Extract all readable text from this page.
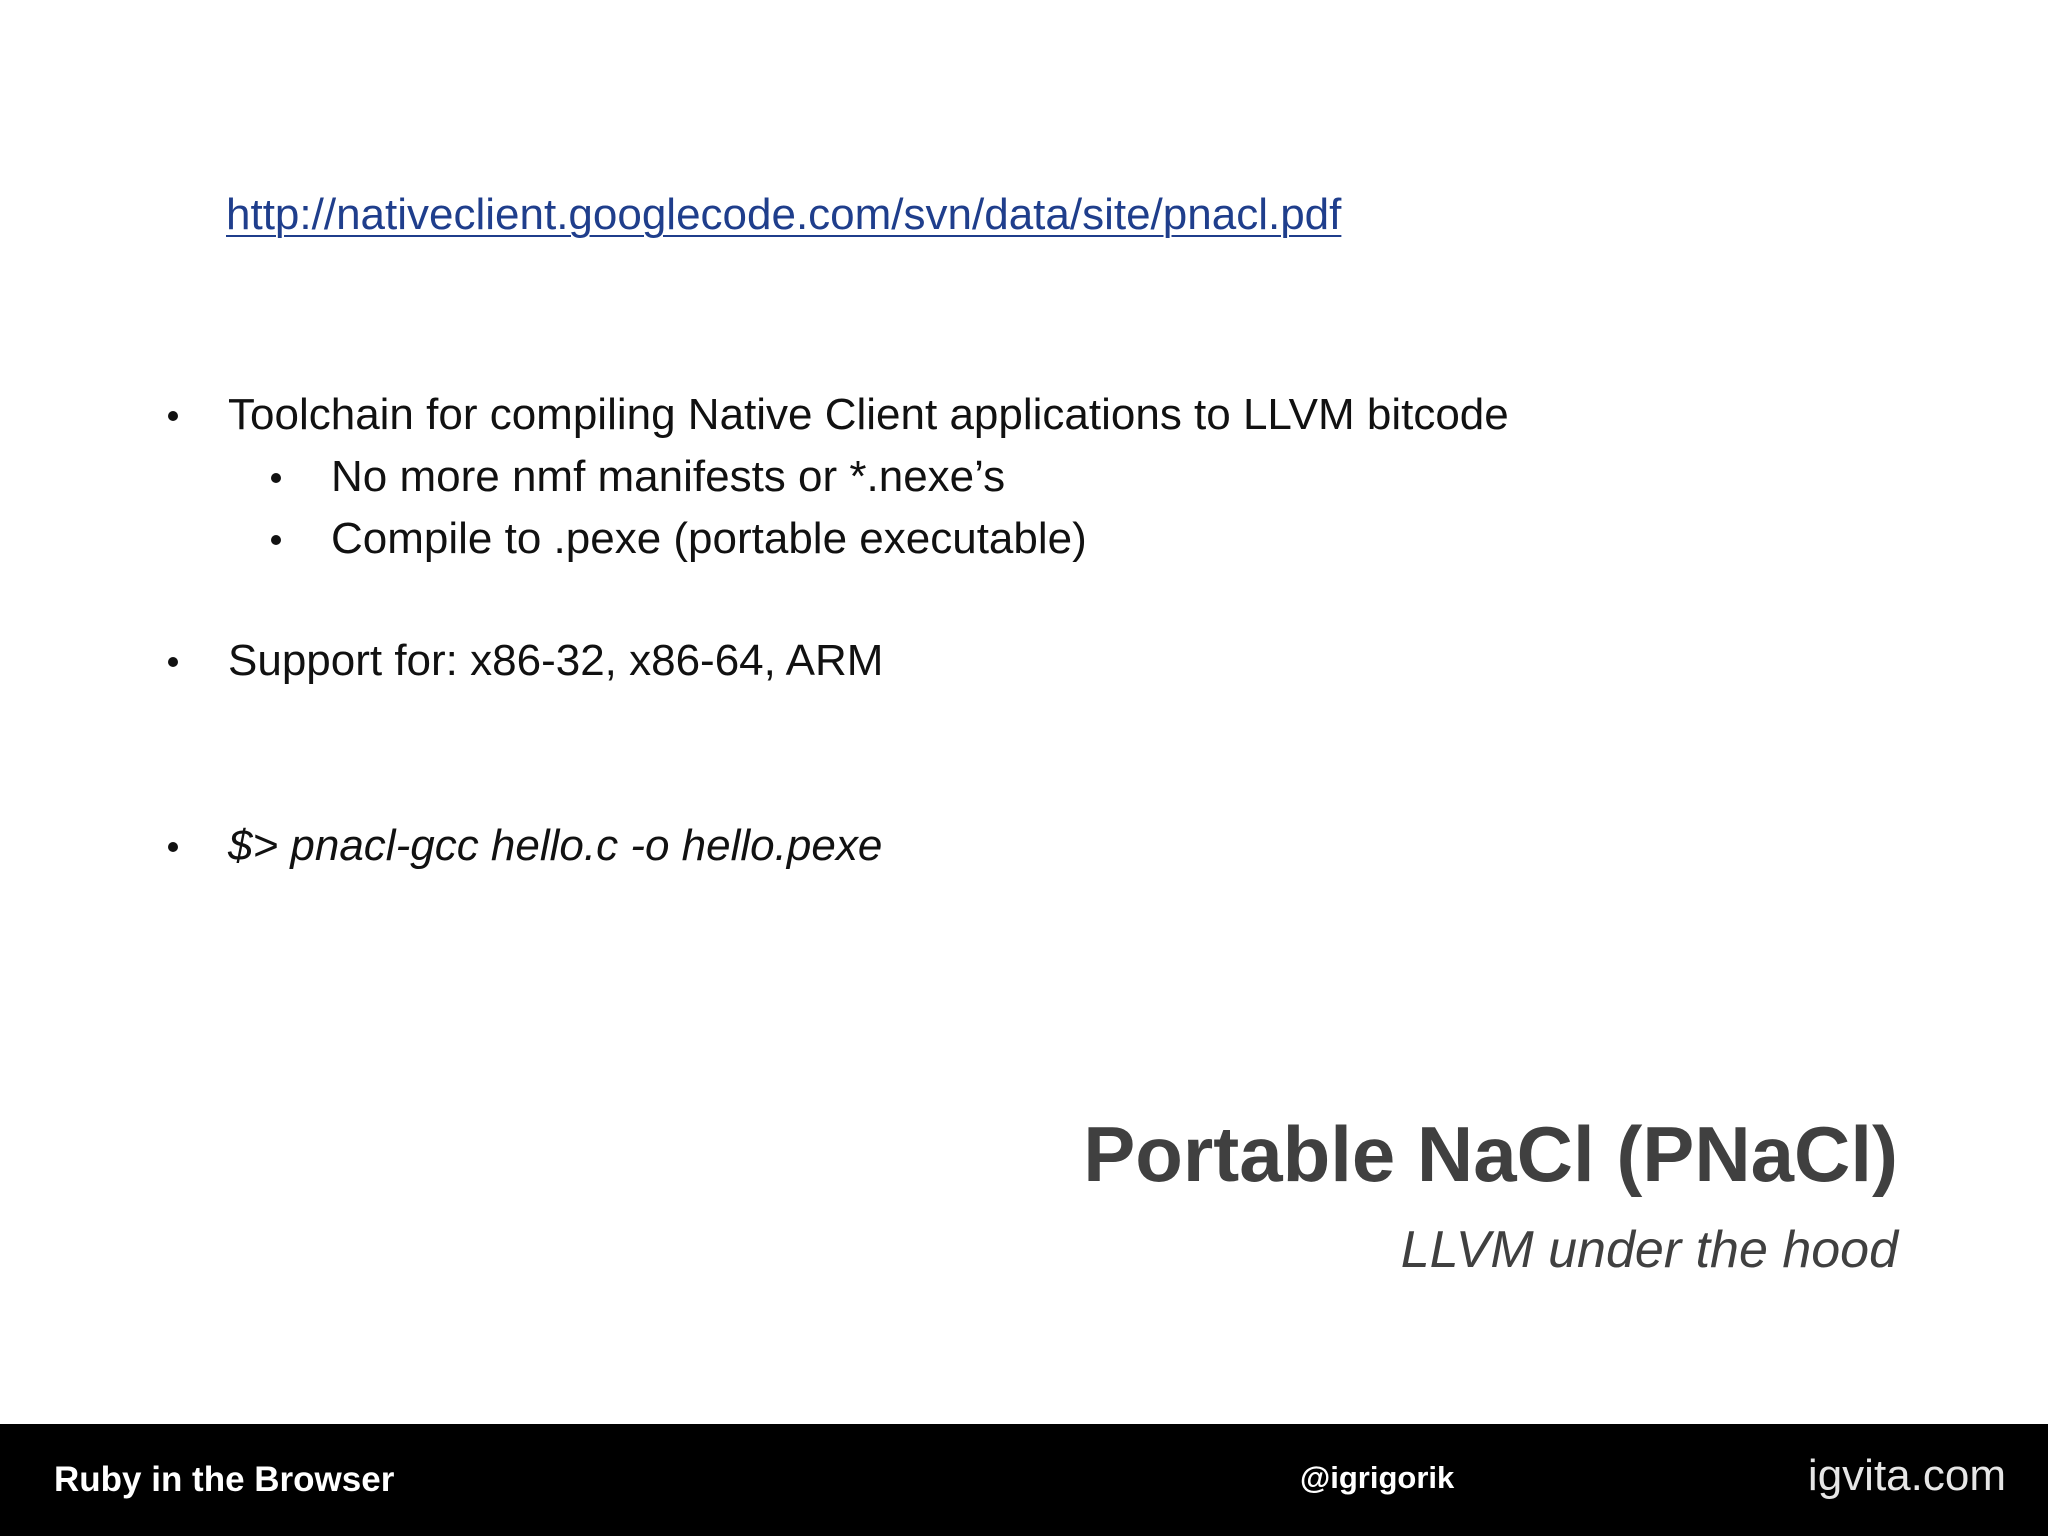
http://nativeclient.googlecode.com/svn/data/site/pnacl.pdf
Toolchain for compiling Native Client applications to LLVM bitcode
No more nmf manifests or *.nexe’s
Compile to .pexe (portable executable)
Support for: x86-32, x86-64, ARM
$> pnacl-gcc hello.c -o hello.pexe
Portable NaCl (PNaCl)
LLVM under the hood
Ruby in the Browser	@igrigorik	igvita.com
